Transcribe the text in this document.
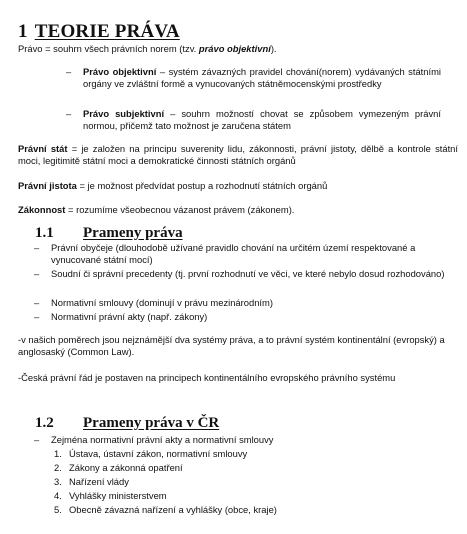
1 TEORIE PRÁVA
Právo = souhrn všech právních norem (tzv. právo objektivní).
– Právo objektivní – systém závazných pravidel chování(norem) vydávaných státními orgány ve zvláštní formě a vynucovaných státněmocenskými prostředky
– Právo subjektivní – souhrn možností chovat se způsobem vymezeným právní normou, přičemž tato možnost je zaručena státem
Právní stát = je založen na principu suverenity lidu, zákonnosti, právní jistoty, dělbě a kontrole státní moci, legitimitě státní moci a demokratické činnosti státních orgánů
Právní jistota = je možnost předvídat postup a rozhodnutí státních orgánů
Zákonnost = rozumíme všeobecnou vázanost právem (zákonem).
1.1 Prameny práva
– Právní obyčeje (dlouhodobě užívané pravidlo chování na určitém území respektované a vynucované státní mocí)
– Soudní či správní precedenty (tj. první rozhodnutí ve věci, ve které nebylo dosud rozhodováno)
– Normativní smlouvy (dominují v právu mezinárodním)
– Normativní právní akty (např. zákony)
-v našich poměrech jsou nejznámější dva systémy práva, a to právní systém kontinentální (evropský) a anglosaský (Common Law).
-Česká právní řád je postaven na principech kontinentálního evropského právního systému
1.2 Prameny práva v ČR
– Zejména normativní právní akty a normativní smlouvy
1. Ústava, ústavní zákon, normativní smlouvy
2. Zákony a zákonná opatření
3. Nařízení vlády
4. Vyhlášky ministerstvem
5. Obecně závazná nařízení a vyhlášky (obce, kraje)
